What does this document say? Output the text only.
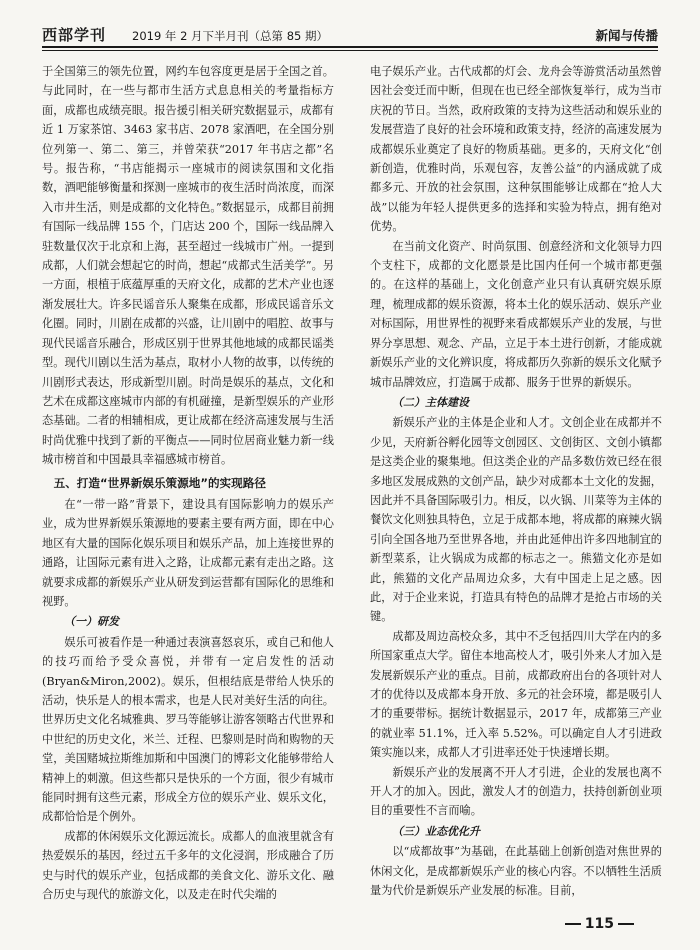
西部学刊 2019 年 2 月下半月刊（总第 85 期）	新闻与传播

于全国第三的领先位置，网约车包容度更是居于全国之首。与此同时，在一些与都市生活方式息息相关的考量指标方面，成都也成绩亮眼。报告援引相关研究数据显示，成都有近 1 万家茶馆、3463 家书店、2078 家酒吧，在全国分别位列第一、第二、第三，并曾荣获“2017 年书店之都”名号。报告称，“书店能揭示一座城市的阅读氛围和文化指数，酒吧能够衡量和探测一座城市的夜生活时尚浓度，而深入市井生活，则是成都的文化特色。”数据显示，成都目前拥有国际一线品牌 155 个，门店达 200 个，国际一线品牌入驻数量仅次于北京和上海，甚至超过一线城市广州。一提到成都，人们就会想起它的时尚，想起“成都式生活美学”。另一方面，根植于底蕴厚重的天府文化，成都的艺术产业也逐渐发展壮大。许多民谣音乐人聚集在成都，形成民谣音乐文化圈。同时，川剧在成都的兴盛，让川剧中的唱腔、故事与现代民谣音乐融合，形成区别于世界其他地域的成都民谣类型。现代川剧以生活为基点，取材小人物的故事，以传统的川剧形式表达，形成新型川剧。时尚是娱乐的基点，文化和艺术在成都这座城市内部的有机碰撞，是新型娱乐的产业形态基础。二者的相辅相成，更让成都在经济高速发展与生活时尚优雅中找到了新的平衡点——同时位居商业魅力新一线城市榜首和中国最具幸福感城市榜首。

五、打造“世界新娱乐策源地”的实现路径

在“一带一路”背景下，建设具有国际影响力的娱乐产业，成为世界新娱乐策源地的要素主要有两方面，即在中心地区有大量的国际化娱乐项目和娱乐产品，加上连接世界的通路，让国际元素有进入之路，让成都元素有走出之路。这就要求成都的新娱乐产业从研发到运营都有国际化的思维和视野。

（一）研发

娱乐可被看作是一种通过表演喜怒哀乐，或自己和他人的技巧而给予受众喜悦，并带有一定启发性的活动(Bryan&Miron,2002)。娱乐，但根结底是带给人快乐的活动，快乐是人的根本需求，也是人民对美好生活的向往。世界历史文化名城雅典、罗马等能够让游客领略古代世界和中世纪的历史文化，米兰、迁程、巴黎则是时尚和购物的天堂，美国赌城拉斯维加斯和中国澳门的博彩文化能够带给人精神上的刺激。但这些都只是快乐的一个方面，很少有城市能同时拥有这些元素，形成全方位的娱乐产业、娱乐文化，成都恰恰是个例外。

成都的休闲娱乐文化源远流长。成都人的血液里就含有热爱娱乐的基因，经过五千多年的文化浸润，形成融合了历史与时代的娱乐产业，包括成都的美食文化、游乐文化、融合历史与现代的旅游文化，以及走在时代尖端的

电子娱乐产业。古代成都的灯会、龙舟会等游赏活动虽然曾因社会变迁而中断，但现在也已经全部恢复举行，成为当市庆祝的节日。当然，政府政策的支持为这些活动和娱乐业的发展营造了良好的社会环境和政策支持，经济的高速发展为成都娱乐业奠定了良好的物质基础。更多的，天府文化“创新创造，优雅时尚，乐观包容，友善公益”的内涵成就了成都多元、开放的社会氛围，这种氛围能够让成都在“抢人大战”以能为年轻人提供更多的选择和实验为特点，拥有绝对优势。

在当前文化资产、时尚氛围、创意经济和文化领导力四个支柱下，成都的文化愿景是比国内任何一个城市都更强的。在这样的基础上，文化创意产业只有认真研究娱乐原理，梳理成都的娱乐资源，将本土化的娱乐活动、娱乐产业对标国际，用世界性的视野来看成都娱乐产业的发展，与世界分享思想、观念、产品，立足于本土进行创新，才能成就新娱乐产业的文化辨识度，将成都历久弥新的娱乐文化赋予城市品牌效应，打造属于成都、服务于世界的新娱乐。

（二）主体建设

新娱乐产业的主体是企业和人才。文创企业在成都并不少见，天府新谷孵化园等文创园区、文创街区、文创小镇都是这类企业的聚集地。但这类企业的产品多数仿效已经在很多地区发展成熟的文创产品，缺少对成都本土文化的发掘，因此并不具备国际吸引力。相反，以火锅、川菜等为主体的餐饮文化则独具特色，立足于成都本地，将成都的麻辣火锅引向全国各地乃至世界各地，并由此延伸出许多四地制宜的新型菜系，让火锅成为成都的标志之一。熊猫文化亦是如此，熊猫的文化产品周边众多，大有中国走上足之感。因此，对于企业来说，打造具有特色的品牌才是抢占市场的关键。

成都及周边高校众多，其中不乏包括四川大学在内的多所国家重点大学。留住本地高校人才，吸引外来人才加入是发展新娱乐产业的重点。目前，成都政府出台的各项针对人才的优待以及成都本身开放、多元的社会环境，都是吸引人才的重要带标。据统计数据显示，2017 年，成都第三产业的就业率 51.1%，迁入率 5.52%。可以确定自人才引进政策实施以来，成都人才引进率还处于快速增长期。

新娱乐产业的发展离不开人才引进，企业的发展也离不开人才的加入。因此，激发人才的创造力，扶持创新创业项目的重要性不言而喻。

（三）业态优化升

以“成都故事”为基础，在此基础上创新创造对焦世界的休闲文化，是成都新娱乐产业的核心内容。不以牺牲生活质量为代价是新娱乐产业发展的标准。目前，

115
